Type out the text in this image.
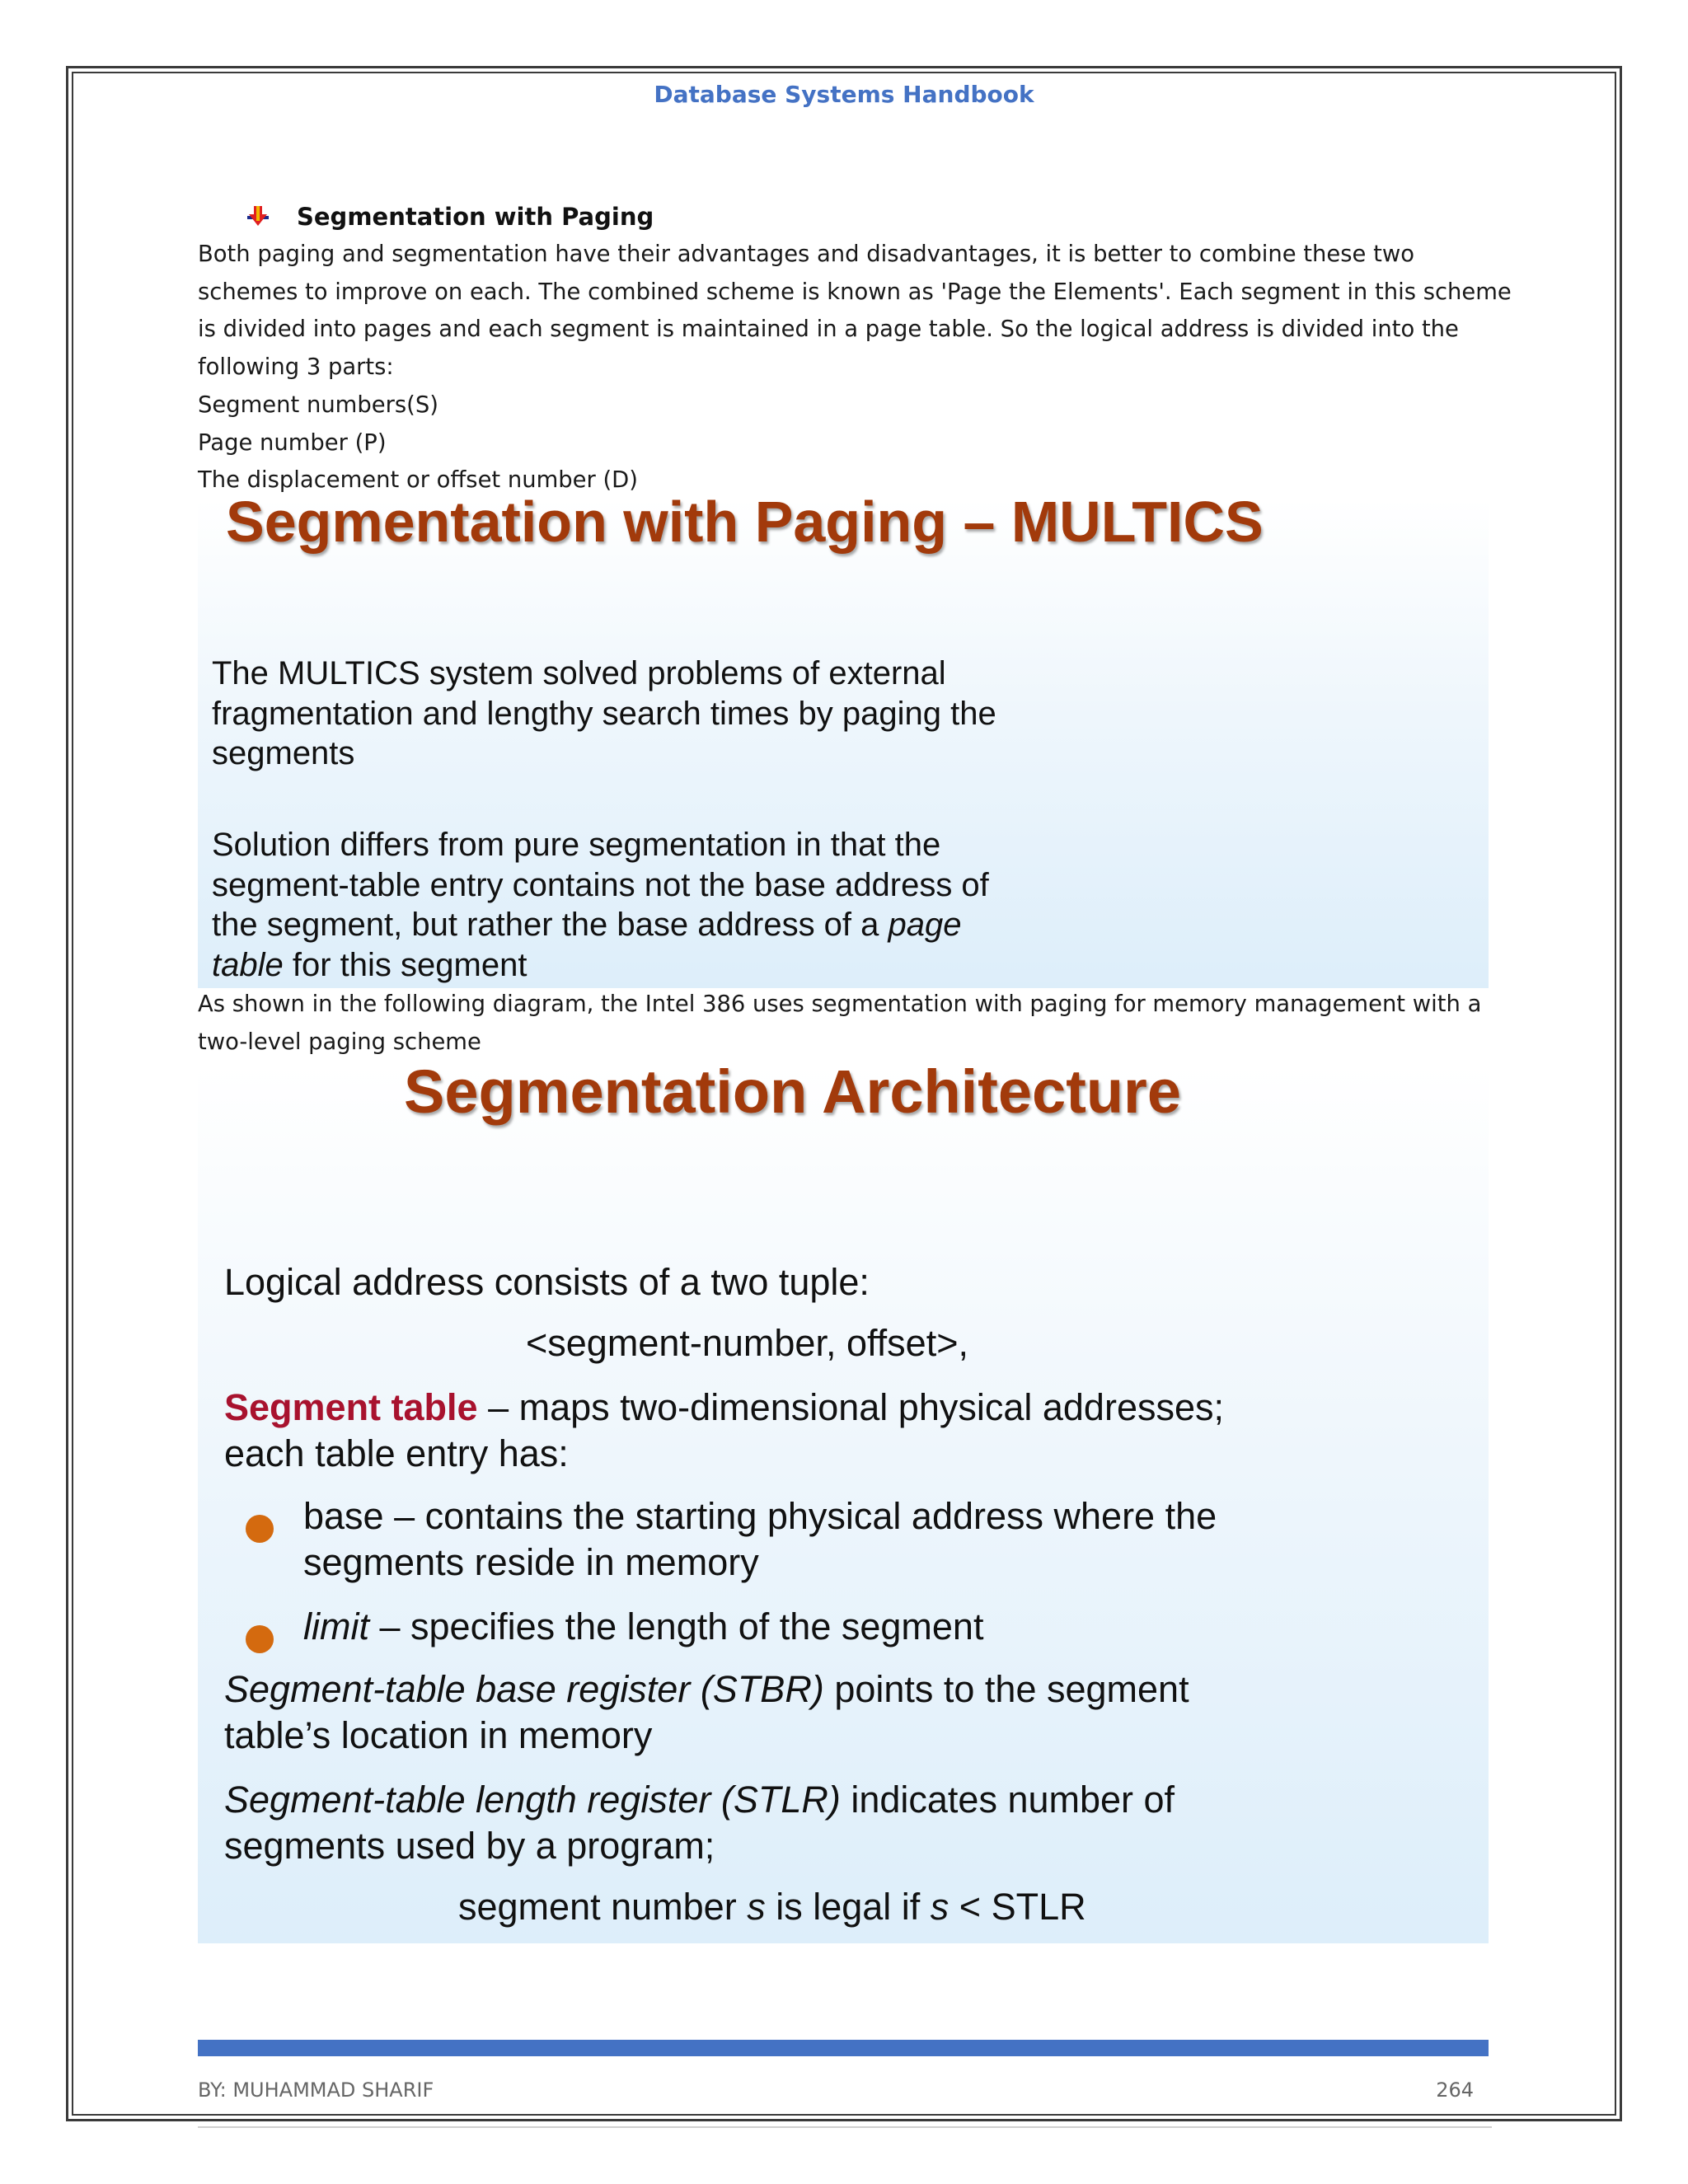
Database Systems Handbook
Segmentation with Paging

Both paging and segmentation have their advantages and disadvantages, it is better to combine these two
schemes to improve on each. The combined scheme is known as 'Page the Elements'. Each segment in this scheme
is divided into pages and each segment is maintained in a page table. So the logical address is divided into the
following 3 parts:
Segment numbers(S)
Page number (P)
The displacement or offset number (D)

Segmentation with Paging – MULTICS
The MULTICS system solved problems of external
fragmentation and lengthy search times by paging the
segments
Solution differs from pure segmentation in that the
segment-table entry contains not the base address of
the segment, but rather the base address of a page
table for this segment
As shown in the following diagram, the Intel 386 uses segmentation with paging for memory management with a
two-level paging scheme
Segmentation Architecture
Logical address consists of a two tuple:
<segment-number, offset>,
Segment table – maps two-dimensional physical addresses;
each table entry has:
base – contains the starting physical address where the
segments reside in memory
limit – specifies the length of the segment
Segment-table base register (STBR) points to the segment
table’s location in memory
Segment-table length register (STLR) indicates number of
segments used by a program;
segment number s is legal if s < STLR
BY: MUHAMMAD SHARIF	264
